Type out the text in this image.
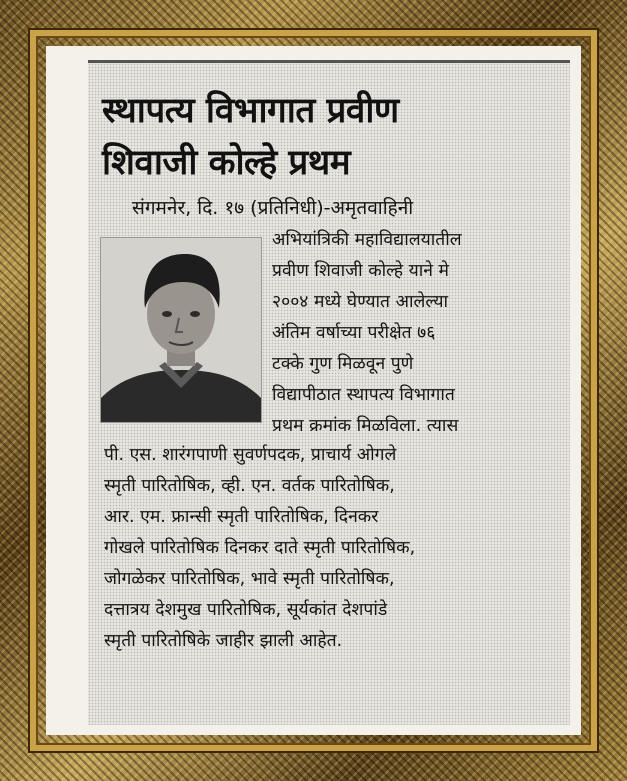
स्थापत्य विभागात प्रवीण
शिवाजी कोल्हे प्रथम

संगमनेर, दि. १७ (प्रतिनिधी)-अमृतवाहिनी

अभियांत्रिकी महाविद्यालयातील
प्रवीण शिवाजी कोल्हे याने मे
२००४ मध्ये घेण्यात आलेल्या
अंतिम वर्षाच्या परीक्षेत ७६
टक्के गुण मिळवून पुणे
विद्यापीठात स्थापत्य विभागात
प्रथम क्रमांक मिळविला. त्यास

पी. एस. शारंगपाणी सुवर्णपदक, प्राचार्य ओगले
स्मृती पारितोषिक, व्ही. एन. वर्तक पारितोषिक,
आर. एम. फ्रान्सी स्मृती पारितोषिक, दिनकर
गोखले पारितोषिक दिनकर दाते स्मृती पारितोषिक,
जोगळेकर पारितोषिक, भावे स्मृती पारितोषिक,
दत्तात्रय देशमुख पारितोषिक, सूर्यकांत देशपांडे
स्मृती पारितोषिके जाहीर झाली आहेत.
